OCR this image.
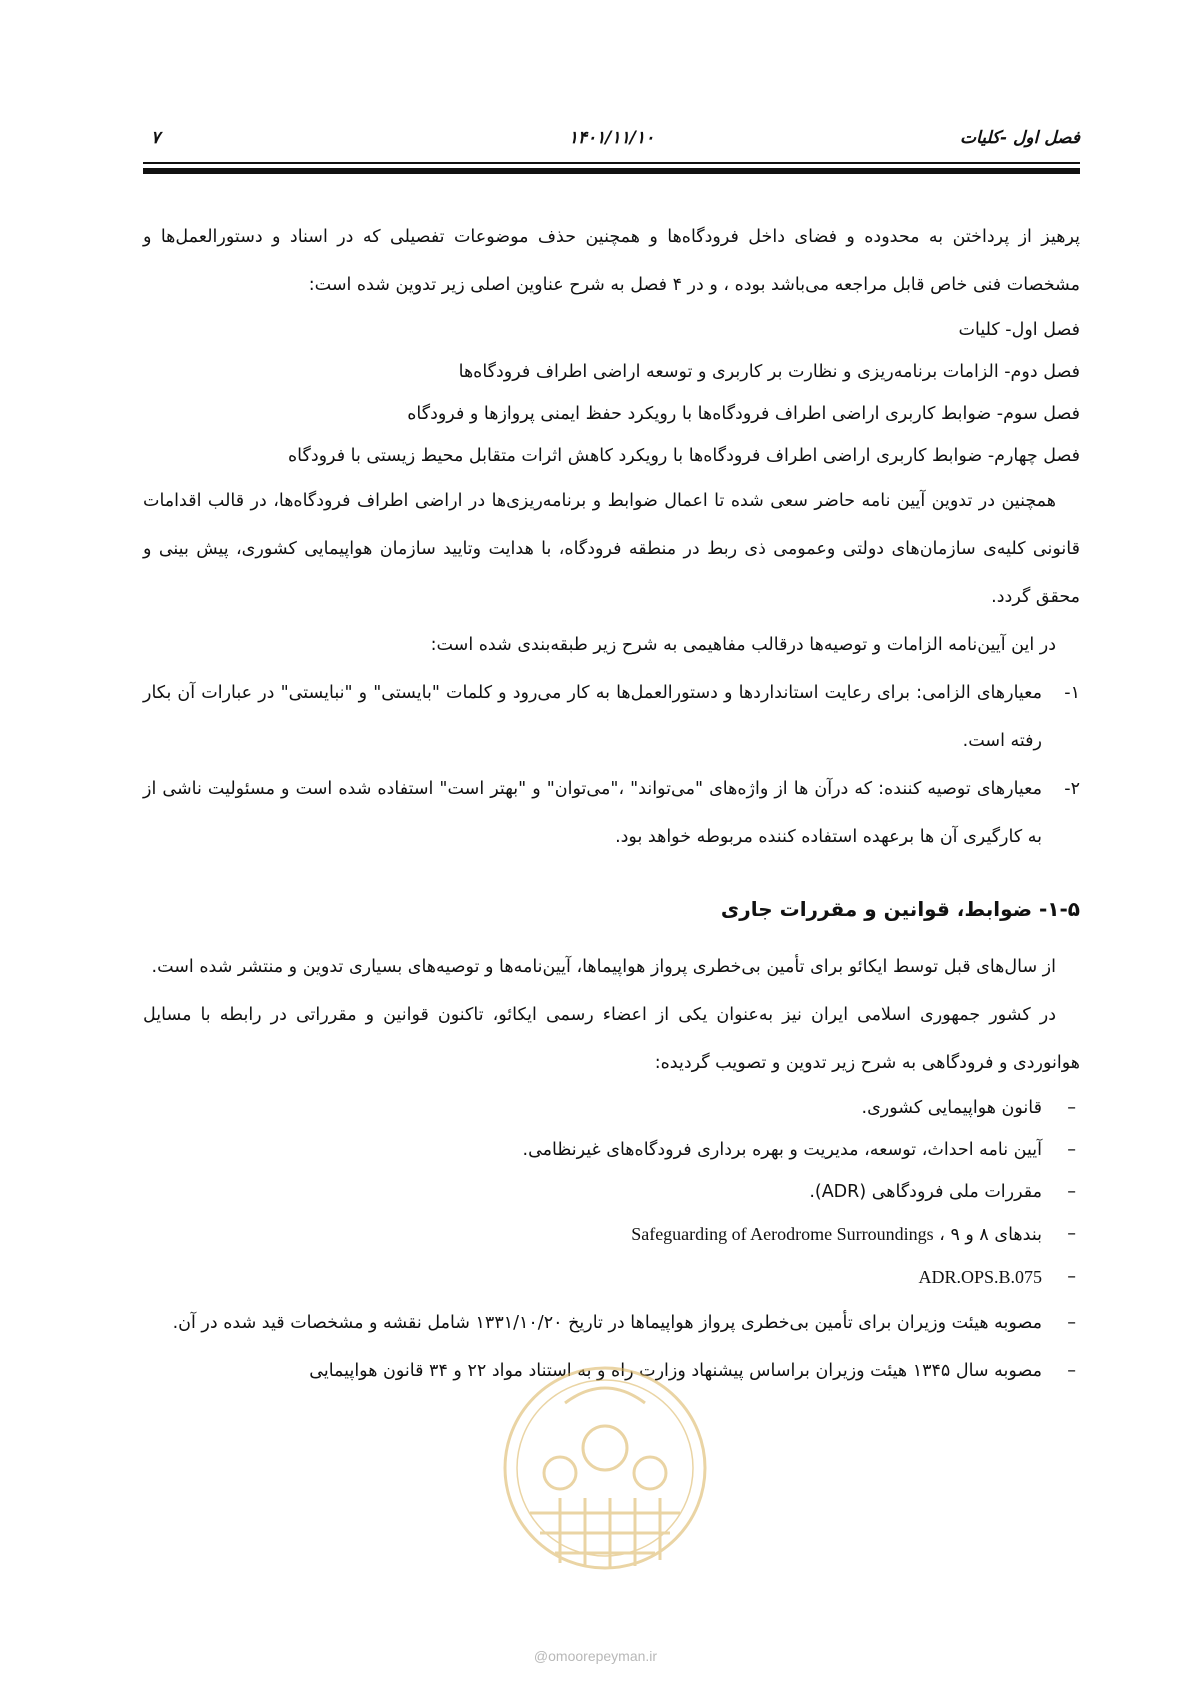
فصل اول -کلیات
۱۴۰۱/۱۱/۱۰
۷

پرهیز از پرداختن به محدوده و فضای داخل فرودگاه‌ها و همچنین حذف موضوعات تفصیلی که در اسناد و دستورالعمل‌ها و مشخصات فنی خاص قابل مراجعه می‌باشد بوده ، و در ۴ فصل به شرح عناوین اصلی زیر تدوین شده است:

فصل اول- کلیات

فصل دوم- الزامات برنامه‌ریزی و نظارت بر کاربری و توسعه اراضی اطراف فرودگاه‌ها

فصل سوم- ضوابط کاربری اراضی اطراف فرودگاه‌ها با رویکرد حفظ ایمنی پروازها و فرودگاه

فصل چهارم- ضوابط کاربری اراضی اطراف فرودگاه‌ها با رویکرد کاهش اثرات متقابل محیط زیستی با فرودگاه

همچنین در تدوین آیین نامه حاضر سعی شده تا اعمال ضوابط و برنامه‌ریزی‌ها در اراضی اطراف فرودگاه‌ها، در قالب اقدامات قانونی کلیه‌ی سازمان‌های دولتی وعمومی ذی ربط در منطقه فرودگاه، با هدایت وتایید سازمان هواپیمایی کشوری، پیش بینی و محقق گردد.

در این آیین‌نامه الزامات و توصیه‌ها درقالب مفاهیمی به شرح زیر طبقه‌بندی شده است:

۱-
معیارهای الزامی: برای رعایت استانداردها و دستورالعمل‌ها به کار می‌رود و کلمات "بایستی" و "نبایستی" در عبارات آن بکار رفته است.

۲-
معیارهای توصیه کننده: که درآن ها از واژه‌های "می‌تواند" ،"می‌توان" و "بهتر است" استفاده شده است و مسئولیت ناشی از به کارگیری آن ها برعهده استفاده کننده مربوطه خواهد بود.

۱-۵- ضوابط، قوانین و مقررات جاری

از سال‌های قبل توسط ایکائو برای تأمین بی‌خطری پرواز هواپیماها، آیین‌نامه‌ها و توصیه‌های بسیاری تدوین و منتشر شده است.

در کشور جمهوری اسلامی ایران نیز به‌عنوان یکی از اعضاء رسمی ایکائو، تاکنون قوانین و مقرراتی در رابطه با مسایل هوانوردی و فرودگاهی به شرح زیر تدوین و تصویب گردیده:

–
قانون هواپیمایی کشوری.
–
آیین نامه احداث، توسعه، مدیریت و بهره برداری فرودگاه‌های غیرنظامی.
–
مقررات ملی فرودگاهی (ADR).
–
بندهای ۸ و ۹ ، Safeguarding of Aerodrome Surroundings
–
ADR.OPS.B.075
–
مصوبه هیئت وزیران برای تأمین بی‌خطری پرواز هواپیماها در تاریخ ۱۳۳۱/۱۰/۲۰ شامل نقشه و مشخصات قید شده در آن.
–
مصوبه سال ۱۳۴۵ هیئت وزیران براساس پیشنهاد وزارت راه و به استناد مواد ۲۲ و ۳۴ قانون هواپیمایی
@omoorepeyman.ir
